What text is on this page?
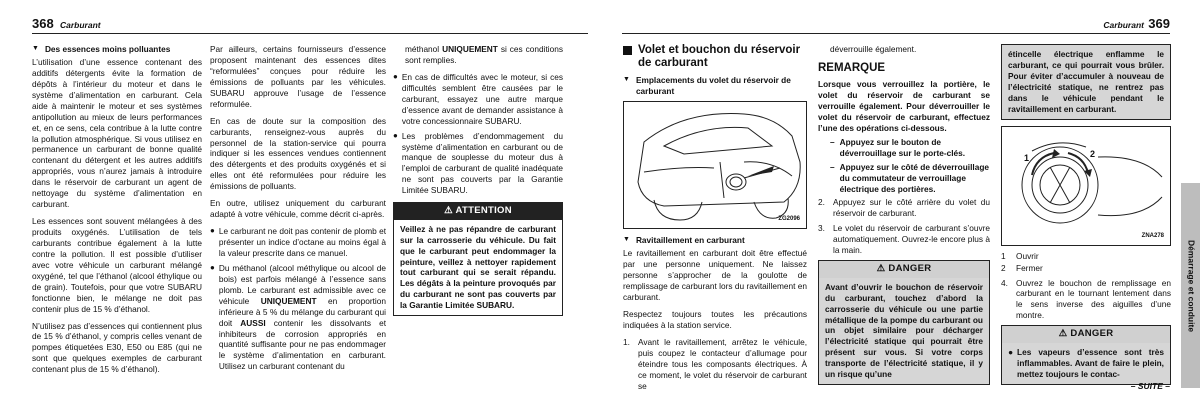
368 Carburant	Carburant 369
▼ Des essences moins polluantes

L’utilisation d’une essence contenant des additifs détergents évite la formation de dépôts à l’intérieur du moteur et dans le système d’alimentation en carburant. Cela aide à maintenir le moteur et ses systèmes antipollution au mieux de leurs performances et, en ce sens, cela contribue à la lutte contre la pollution atmosphérique. Si vous utilisez en permanence un carburant de bonne qualité contenant du détergent et les autres additifs appropriés, vous n’aurez jamais à introduire dans le réservoir de carburant un agent de nettoyage du système d’alimentation en carburant.

Les essences sont souvent mélangées à des produits oxygénés. L’utilisation de tels carburants contribue également à la lutte contre la pollution. Il est possible d’utiliser avec votre véhicule un carburant mélangé oxygéné, tel que l’éthanol (alcool éthylique ou de grain). Toutefois, pour que votre SUBARU fonctionne bien, le mélange ne doit pas contenir plus de 15 % d’éthanol.

N’utilisez pas d’essences qui contiennent plus de 15 % d’éthanol, y compris celles venant de pompes étiquetées E30, E50 ou E85 (qui ne sont que quelques exemples de carburant contenant plus de 15 % d’éthanol).

Par ailleurs, certains fournisseurs d’essence proposent maintenant des essences dites “reformulées” conçues pour réduire les émissions de polluants par les véhicules. SUBARU approuve l’usage de l’essence reformulée.

En cas de doute sur la composition des carburants, renseignez-vous auprès du personnel de la station-service qui pourra indiquer si les essences vendues contiennent des détergents et des produits oxygénés et si elles ont été reformulées pour réduire les émissions de polluants.

En outre, utilisez uniquement du carburant adapté à votre véhicule, comme décrit ci-après.

● Le carburant ne doit pas contenir de plomb et présenter un indice d’octane au moins égal à la valeur prescrite dans ce manuel.
● Du méthanol (alcool méthylique ou alcool de bois) est parfois mélangé à l’essence sans plomb. Le carburant est admissible avec ce véhicule UNIQUEMENT en proportion inférieure à 5 % du mélange du carburant qui doit AUSSI contenir les dissolvants et inhibiteurs de corrosion appropriés en quantité suffisante pour ne pas endommager le système d’alimentation en carburant. Utilisez un carburant contenant du

méthanol UNIQUEMENT si ces conditions sont remplies.

● En cas de difficultés avec le moteur, si ces difficultés semblent être causées par le carburant, essayez une autre marque d’essence avant de demander assistance à votre concessionnaire SUBARU.
● Les problèmes d’endommagement du système d’alimentation en carburant ou de manque de souplesse du moteur dus à l’emploi de carburant de qualité inadéquate ne sont pas couverts par la Garantie Limitée SUBARU.
⚠ ATTENTION
Veillez à ne pas répandre de carburant sur la carrosserie du véhicule. Du fait que le carburant peut endommager la peinture, veillez à nettoyer rapidement tout carburant qui se serait répandu. Les dégâts à la peinture provoqués par du carburant ne sont pas couverts par la Garantie Limitée SUBARU.
Volet et bouchon du réservoir de carburant
▼ Emplacements du volet du réservoir de carburant
ZG2096
▼ Ravitaillement en carburant

Le ravitaillement en carburant doit être effectué par une personne uniquement. Ne laissez personne s’approcher de la goulotte de remplissage de carburant lors du ravitaillement en carburant.

Respectez toujours toutes les précautions indiquées à la station service.

1. Avant le ravitaillement, arrêtez le véhicule, puis coupez le contacteur d’allumage pour éteindre tous les composants électriques. À ce moment, le volet du réservoir de carburant se

déverrouille également.

REMARQUE

Lorsque vous verrouillez la portière, le volet du réservoir de carburant se verrouille également. Pour déverrouiller le volet du réservoir de carburant, effectuez l’une des opérations ci-dessous.

– Appuyez sur le bouton de déverrouillage sur le porte-clés.
– Appuyez sur le côté de déverrouillage du commutateur de verrouillage électrique des portières.
2. Appuyez sur le côté arrière du volet du réservoir de carburant.
3. Le volet du réservoir de carburant s’ouvre automatiquement. Ouvrez-le encore plus à la main.
⚠ DANGER
Avant d’ouvrir le bouchon de réservoir du carburant, touchez d’abord la carrosserie du véhicule ou une partie métallique de la pompe du carburant ou un objet similaire pour décharger l’électricité statique qui pourrait être présent sur vous. Si votre corps transporte de l’électricité statique, il y un risque qu’une
étincelle électrique enflamme le carburant, ce qui pourrait vous brûler. Pour éviter d’accumuler à nouveau de l’électricité statique, ne rentrez pas dans le véhicule pendant le ravitaillement en carburant.
1	2
ZNA278
1	Ouvrir
2	Fermer
4. Ouvrez le bouchon de remplissage en carburant en le tournant lentement dans le sens inverse des aiguilles d’une montre.
⚠ DANGER
● Les vapeurs d’essence sont très inflammables. Avant de faire le plein, mettez toujours le contac-
Démarrage et conduite
– SUITE –
